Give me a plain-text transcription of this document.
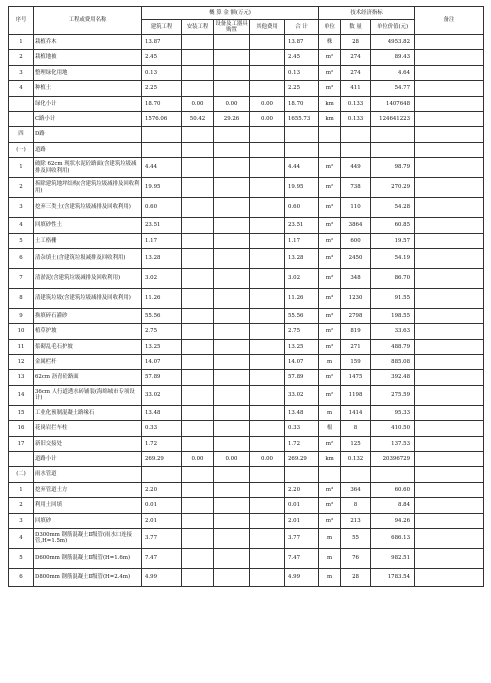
序号	工程或费用名称	概 算 金 额(万元)					技术经济指标			备注
		建筑工程	安装工程	设备及工器具购置	其他费用	合 计	单位	数 量	单位价值(元)	
1	栽植乔木	13.87				13.87	株	28	4953.82	
2	栽植地被	2.45				2.45	m²	274	89.43	
3	整理绿化用地	0.13				0.13	m²	274	4.64	
4	种植土	2.25				2.25	m³	411	54.77	
	绿化小计	18.70	0.00	0.00	0.00	18.70	km	0.133	1407648	
	C路小计	1576.06	50.42	29.26	0.00	1655.73	km	0.133	124641223	
四	D路									
(一)	道路									
1	破除 62cm 现状水泥砼路面(含建筑垃圾减排及回收利用)	4.44				4.44	m²	449	98.79	
2	拆除建筑地坪结构(含建筑垃圾减排及回收利用)	19.95				19.95	m²	738	270.29	
3	挖弃三类土(含建筑垃圾减排及回收利用)	0.60				0.60	m³	110	54.28	
4	回填砂性土	23.51				23.51	m³	3864	60.85	
5	土工格栅	1.17				1.17	m²	600	19.57	
6	清杂填土(含建筑垃圾减排及回收利用)	13.28				13.28	m³	2450	54.19	
7	清淤泥(含建筑垃圾减排及回收利用)	3.02				3.02	m³	348	86.70	
8	清建筑垃圾(含建筑垃圾减排及回收利用)	11.26				11.26	m³	1230	91.55	
9	换填碎石灌砂	55.56				55.56	m³	2798	198.55	
10	植草护坡	2.75				2.75	m²	819	33.63	
11	浆砌乱毛石护坡	13.25				13.25	m³	271	488.79	
12	金属栏杆	14.07				14.07	m	159	885.08	
13	62cm 沥青砼路面	57.89				57.89	m²	1475	392.48	
14	36cm 人行道透水砖铺装(海绵城市专项设计)	33.02				33.02	m²	1198	275.59	
15	工业化预制混凝土路缘石	13.48				13.48	m	1414	95.33	
16	花岗岩拦车柱	0.33				0.33	根	8	410.50	
17	新旧交接处	1.72				1.72	m²	125	137.53	
	道路小计	269.29	0.00	0.00	0.00	269.29	km	0.132	20396729	
(二)	雨水管道									
1	挖弃管道土方	2.20				2.20	m³	364	60.60	
2	利用土回填	0.01				0.01	m³	8	8.84	
3	回填砂	2.01				2.01	m³	213	94.26	
4	D300mm 钢筋混凝土Ⅱ级管(雨水口连接管,H=1.5m)	3.77				3.77	m	55	686.13	
5	D600mm 钢筋混凝土Ⅱ级管(H=1.6m)	7.47				7.47	m	76	982.51	
6	D800mm 钢筋混凝土Ⅱ级管(H=2.4m)	4.99				4.99	m	28	1783.54	
